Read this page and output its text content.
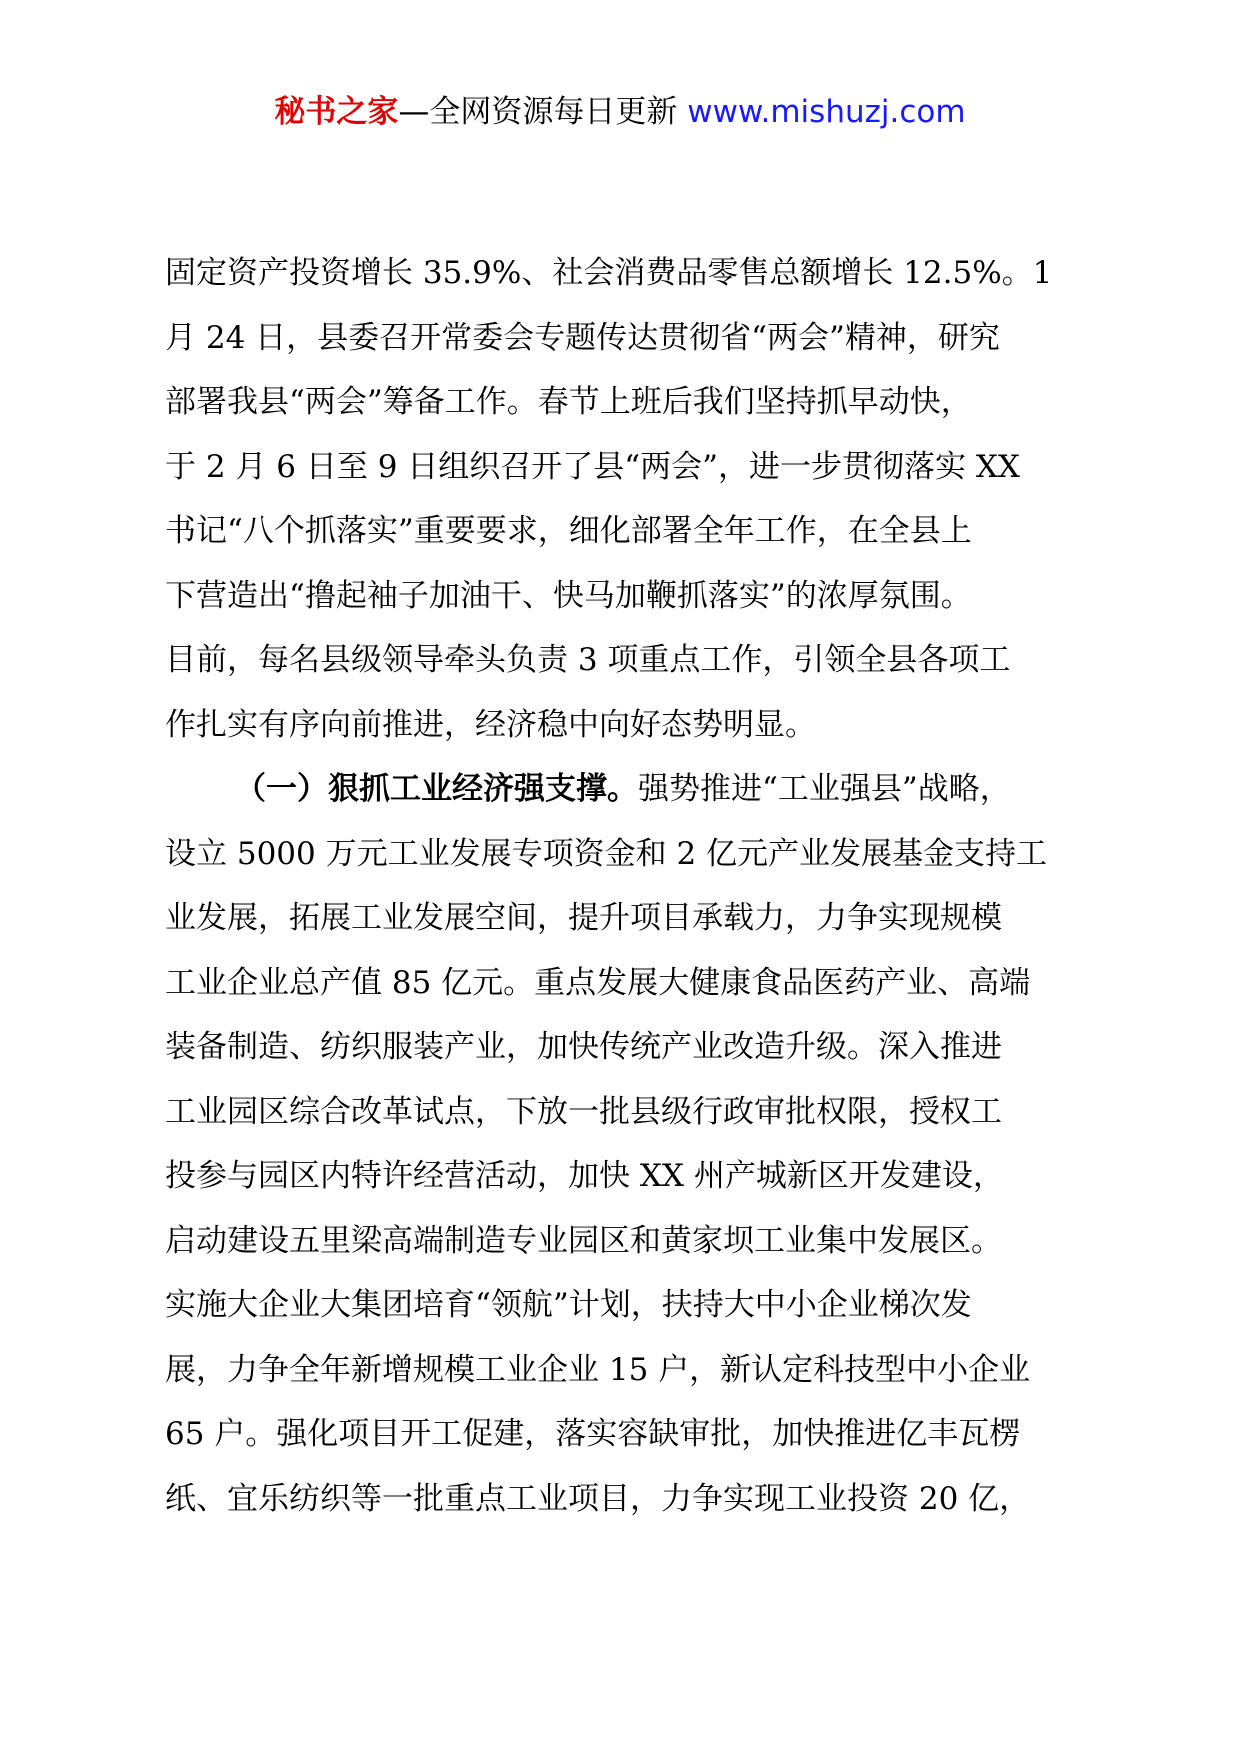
秘书之家—全网资源每日更新 www.mishuzj.com
固定资产投资增长 35.9%、社会消费品零售总额增长 12.5%。1
月 24 日，县委召开常委会专题传达贯彻省“两会”精神，研究
部署我县“两会”筹备工作。春节上班后我们坚持抓早动快，
于 2 月 6 日至 9 日组织召开了县“两会”，进一步贯彻落实 XX
书记“八个抓落实”重要要求，细化部署全年工作，在全县上
下营造出“撸起袖子加油干、快马加鞭抓落实”的浓厚氛围。
目前，每名县级领导牵头负责 3 项重点工作，引领全县各项工
作扎实有序向前推进，经济稳中向好态势明显。
（一）狠抓工业经济强支撑。强势推进“工业强县”战略，
设立 5000 万元工业发展专项资金和 2 亿元产业发展基金支持工
业发展，拓展工业发展空间，提升项目承载力，力争实现规模
工业企业总产值 85 亿元。重点发展大健康食品医药产业、高端
装备制造、纺织服装产业，加快传统产业改造升级。深入推进
工业园区综合改革试点，下放一批县级行政审批权限，授权工
投参与园区内特许经营活动，加快 XX 州产城新区开发建设，
启动建设五里梁高端制造专业园区和黄家坝工业集中发展区。
实施大企业大集团培育“领航”计划，扶持大中小企业梯次发
展，力争全年新增规模工业企业 15 户，新认定科技型中小企业
65 户。强化项目开工促建，落实容缺审批，加快推进亿丰瓦楞
纸、宜乐纺织等一批重点工业项目，力争实现工业投资 20 亿，
